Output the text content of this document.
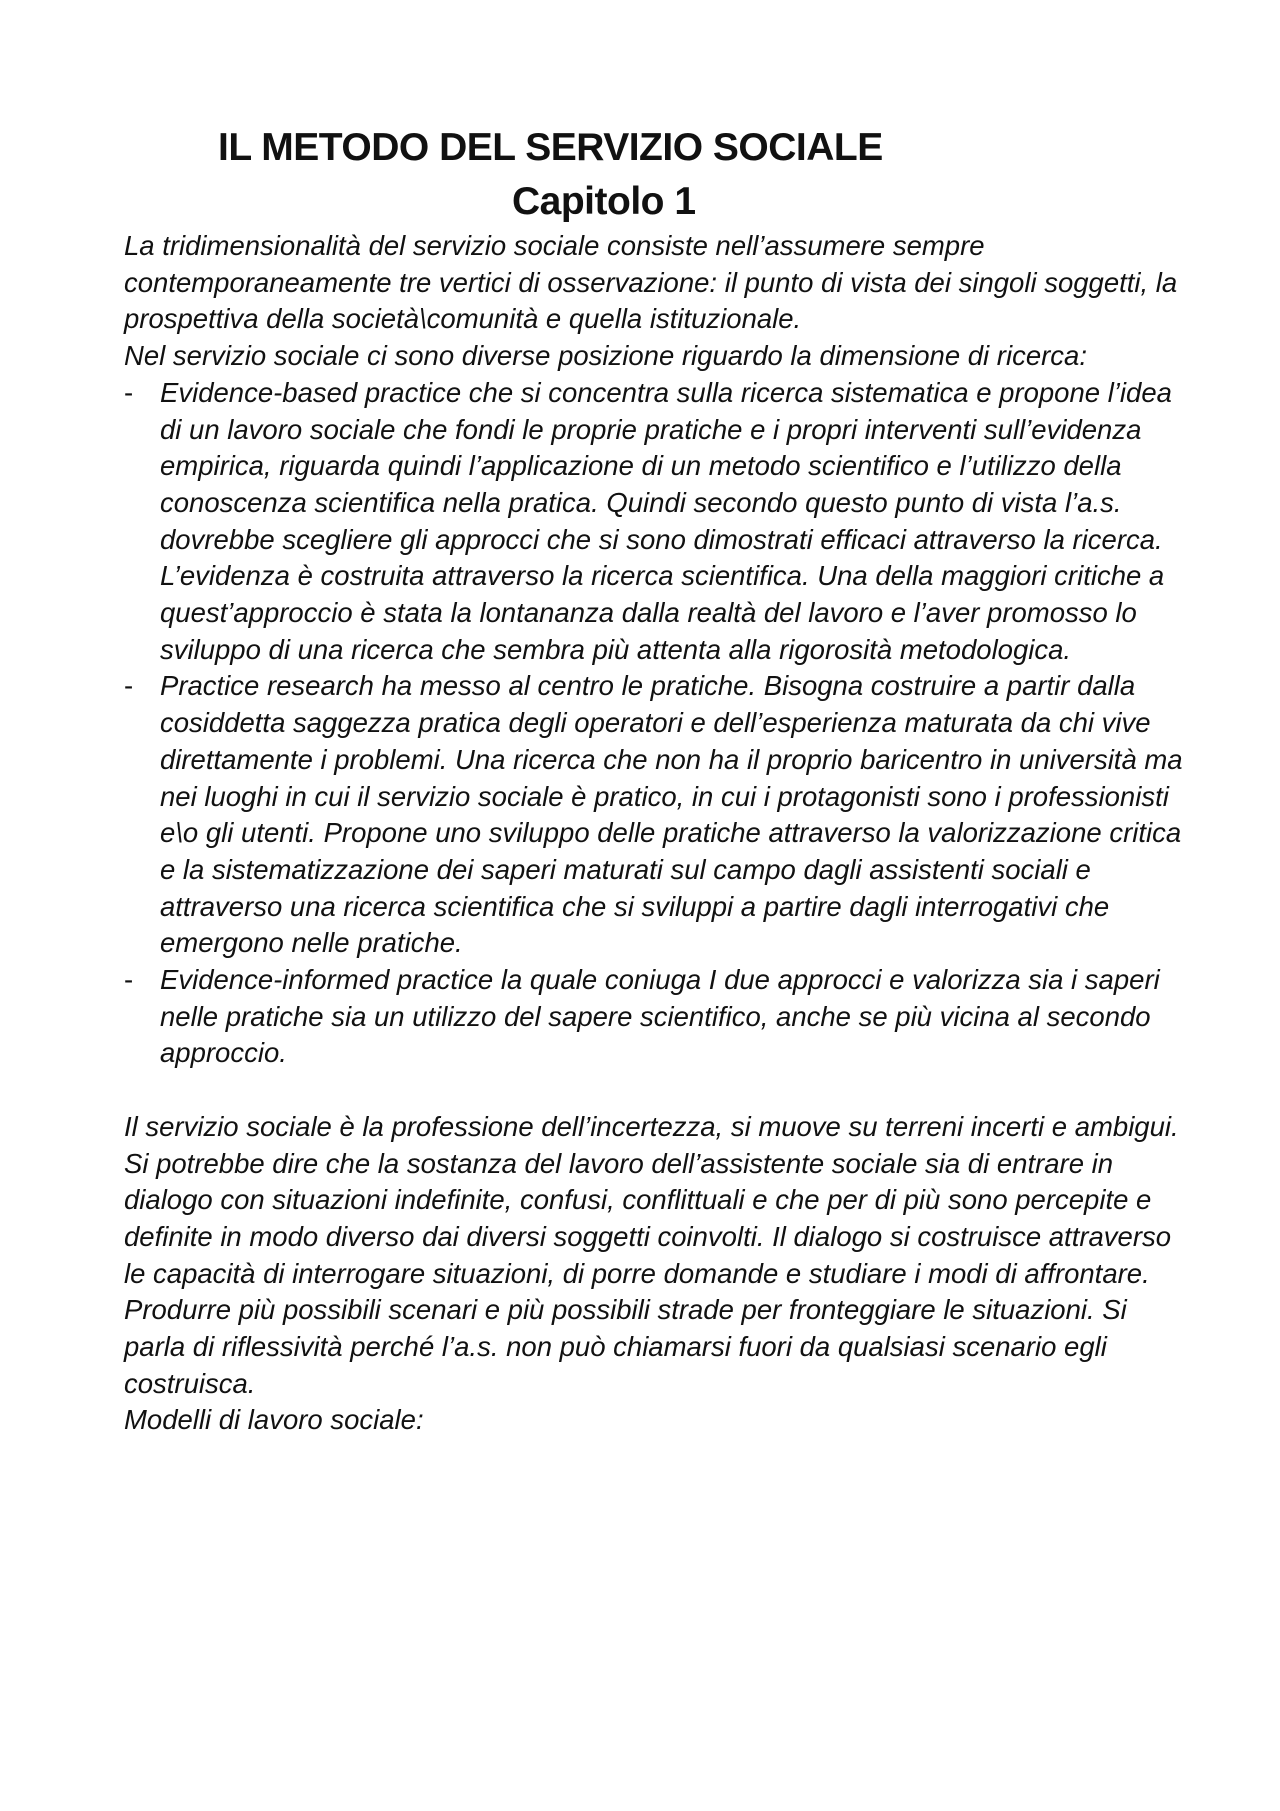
IL METODO DEL SERVIZIO SOCIALE
Capitolo 1

La tridimensionalità del servizio sociale consiste nell’assumere sempre contemporaneamente tre vertici di osservazione: il punto di vista dei singoli soggetti, la prospettiva della società\comunità e quella istituzionale.

Nel servizio sociale ci sono diverse posizione riguardo la dimensione di ricerca:

- Evidence-based practice che si concentra sulla ricerca sistematica e propone l’idea di un lavoro sociale che fondi le proprie pratiche e i propri interventi sull’evidenza empirica, riguarda quindi l’applicazione di un metodo scientifico e l’utilizzo della conoscenza scientifica nella pratica. Quindi secondo questo punto di vista l’a.s. dovrebbe scegliere gli approcci che si sono dimostrati efficaci attraverso la ricerca. L’evidenza è costruita attraverso la ricerca scientifica. Una della maggiori critiche a quest’approccio è stata la lontananza dalla realtà del lavoro e l’aver promosso lo sviluppo di una ricerca che sembra più attenta alla rigorosità metodologica.
- Practice research ha messo al centro le pratiche. Bisogna costruire a partir dalla cosiddetta saggezza pratica degli operatori e dell’esperienza maturata da chi vive direttamente i problemi. Una ricerca che non ha il proprio baricentro in università ma nei luoghi in cui il servizio sociale è pratico, in cui i protagonisti sono i professionisti e\o gli utenti. Propone uno sviluppo delle pratiche attraverso la valorizzazione critica e la sistematizzazione dei saperi maturati sul campo dagli assistenti sociali e attraverso una ricerca scientifica che si sviluppi a partire dagli interrogativi che emergono nelle pratiche.
- Evidence-informed practice la quale coniuga I due approcci e valorizza sia i saperi nelle pratiche sia un utilizzo del sapere scientifico, anche se più vicina al secondo approccio.

Il servizio sociale è la professione dell’incertezza, si muove su terreni incerti e ambigui. Si potrebbe dire che la sostanza del lavoro dell’assistente sociale sia di entrare in dialogo con situazioni indefinite, confusi, conflittuali e che per di più sono percepite e definite in modo diverso dai diversi soggetti coinvolti. Il dialogo si costruisce attraverso le capacità di interrogare situazioni, di porre domande e studiare i modi di affrontare. Produrre più possibili scenari e più possibili strade per fronteggiare le situazioni. Si parla di riflessività perché l’a.s. non può chiamarsi fuori da qualsiasi scenario egli costruisca.

Modelli di lavoro sociale:
